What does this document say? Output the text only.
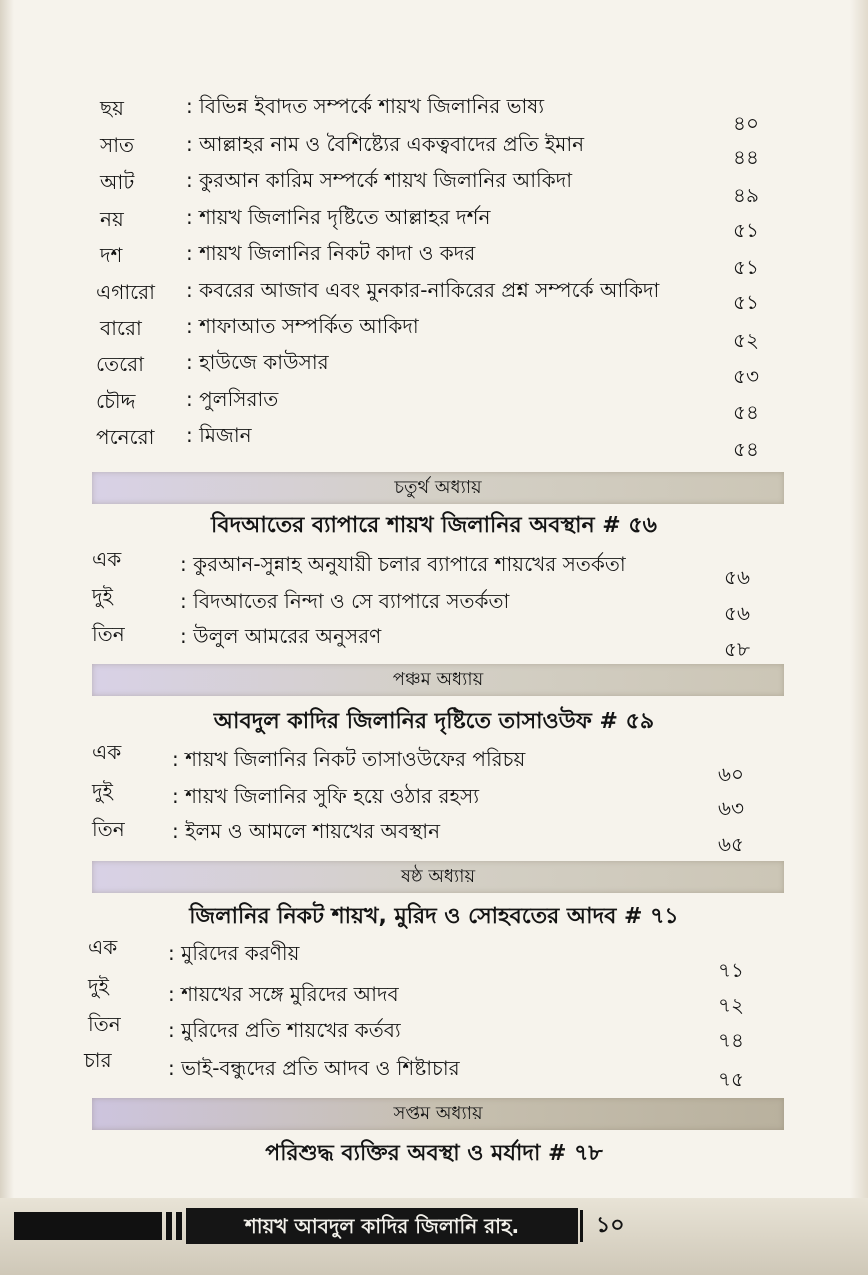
ছয়	: বিভিন্ন ইবাদত সম্পর্কে শায়খ জিলানির ভাষ্য
৪০
সাত	: আল্লাহর নাম ও বৈশিষ্ট্যের একত্ববাদের প্রতি ইমান
৪৪
আট	: কুরআন কারিম সম্পর্কে শায়খ জিলানির আকিদা
৪৯
নয়	: শায়খ জিলানির দৃষ্টিতে আল্লাহর দর্শন
৫১
দশ	: শায়খ জিলানির নিকট কাদা ও কদর
৫১
এগারো : কবরের আজাব এবং মুনকার-নাকিরের প্রশ্ন সম্পর্কে আকিদা	৫১
বারো : শাফাআত সম্পর্কিত আকিদা
৫২
তেরো : হাউজে কাউসার
৫৩
চৌদ্দ	: পুলসিরাত
৫৪
পনেরো : মিজান
৫৪
চতুর্থ অধ্যায়
বিদআতের ব্যাপারে শায়খ জিলানির অবস্থান # ৫৬
এক	: কুরআন-সুন্নাহ অনুযায়ী চলার ব্যাপারে শায়খের সতর্কতা
৫৬
দুই	: বিদআতের নিন্দা ও সে ব্যাপারে সতর্কতা	৫৬
তিন	: উলুল আমরের অনুসরণ
৫৮
পঞ্চম অধ্যায়
আবদুল কাদির জিলানির দৃষ্টিতে তাসাওউফ # ৫৯
এক	: শায়খ জিলানির নিকট তাসাওউফের পরিচয়
৬০
দুই	: শায়খ জিলানির সুফি হয়ে ওঠার রহস্য	৬৩
তিন : ইলম ও আমলে শায়খের অবস্থান
৬৫
ষষ্ঠ অধ্যায়
জিলানির নিকট শায়খ, মুরিদ ও সোহবতের আদব # ৭১
এক	: মুরিদের করণীয়
৭১
দুই	: শায়খের সঙ্গে মুরিদের আদব	৭২
তিন : মুরিদের প্রতি শায়খের কর্তব্য	৭৪
চার	: ভাই-বন্ধুদের প্রতি আদব ও শিষ্টাচার	৭৫
সপ্তম অধ্যায়
পরিশুদ্ধ ব্যক্তির অবস্থা ও মর্যাদা # ৭৮
শায়খ আবদুল কাদির জিলানি রাহ.	১০
